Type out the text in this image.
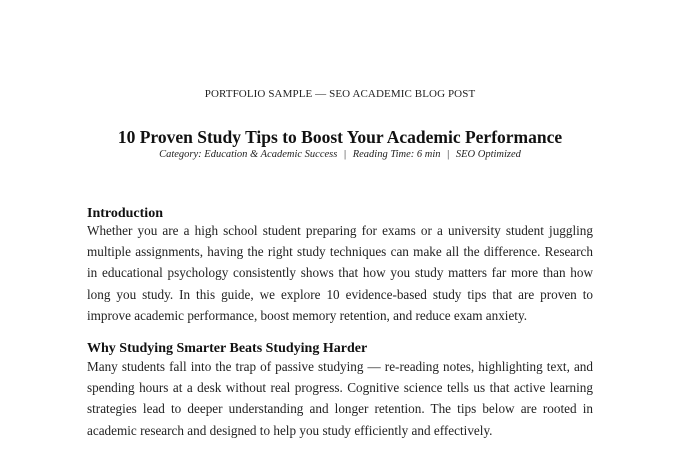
PORTFOLIO SAMPLE — SEO ACADEMIC BLOG POST
10 Proven Study Tips to Boost Your Academic Performance
Category: Education & Academic Success | Reading Time: 6 min | SEO Optimized
Introduction

Whether you are a high school student preparing for exams or a university student juggling multiple assignments, having the right study techniques can make all the difference. Research in educational psychology consistently shows that how you study matters far more than how long you study. In this guide, we explore 10 evidence-based study tips that are proven to improve academic performance, boost memory retention, and reduce exam anxiety.

Why Studying Smarter Beats Studying Harder

Many students fall into the trap of passive studying — re-reading notes, highlighting text, and spending hours at a desk without real progress. Cognitive science tells us that active learning strategies lead to deeper understanding and longer retention. The tips below are rooted in academic research and designed to help you study efficiently and effectively.
